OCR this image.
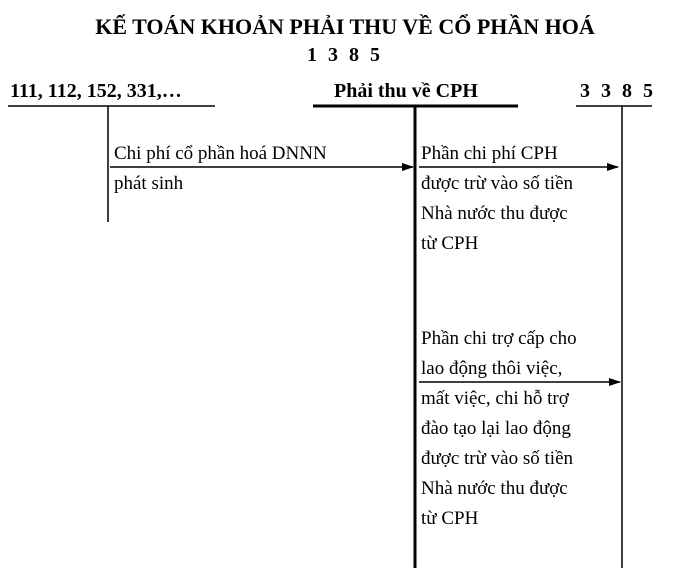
KẾ TOÁN KHOẢN PHẢI THU VỀ CỔ PHẦN HOÁ
1 3 8 5
111, 112, 152, 331,…	Phải thu về CPH	3 3 8 5
Chi phí cổ phần hoá DNNN
phát sinh
Phần chi phí CPH
được trừ vào số tiền
Nhà nước thu được
từ CPH
Phần chi trợ cấp cho
lao động thôi việc,
mất việc, chi hỗ trợ
đào tạo lại lao động
được trừ vào số tiền
Nhà nước thu được
từ CPH
